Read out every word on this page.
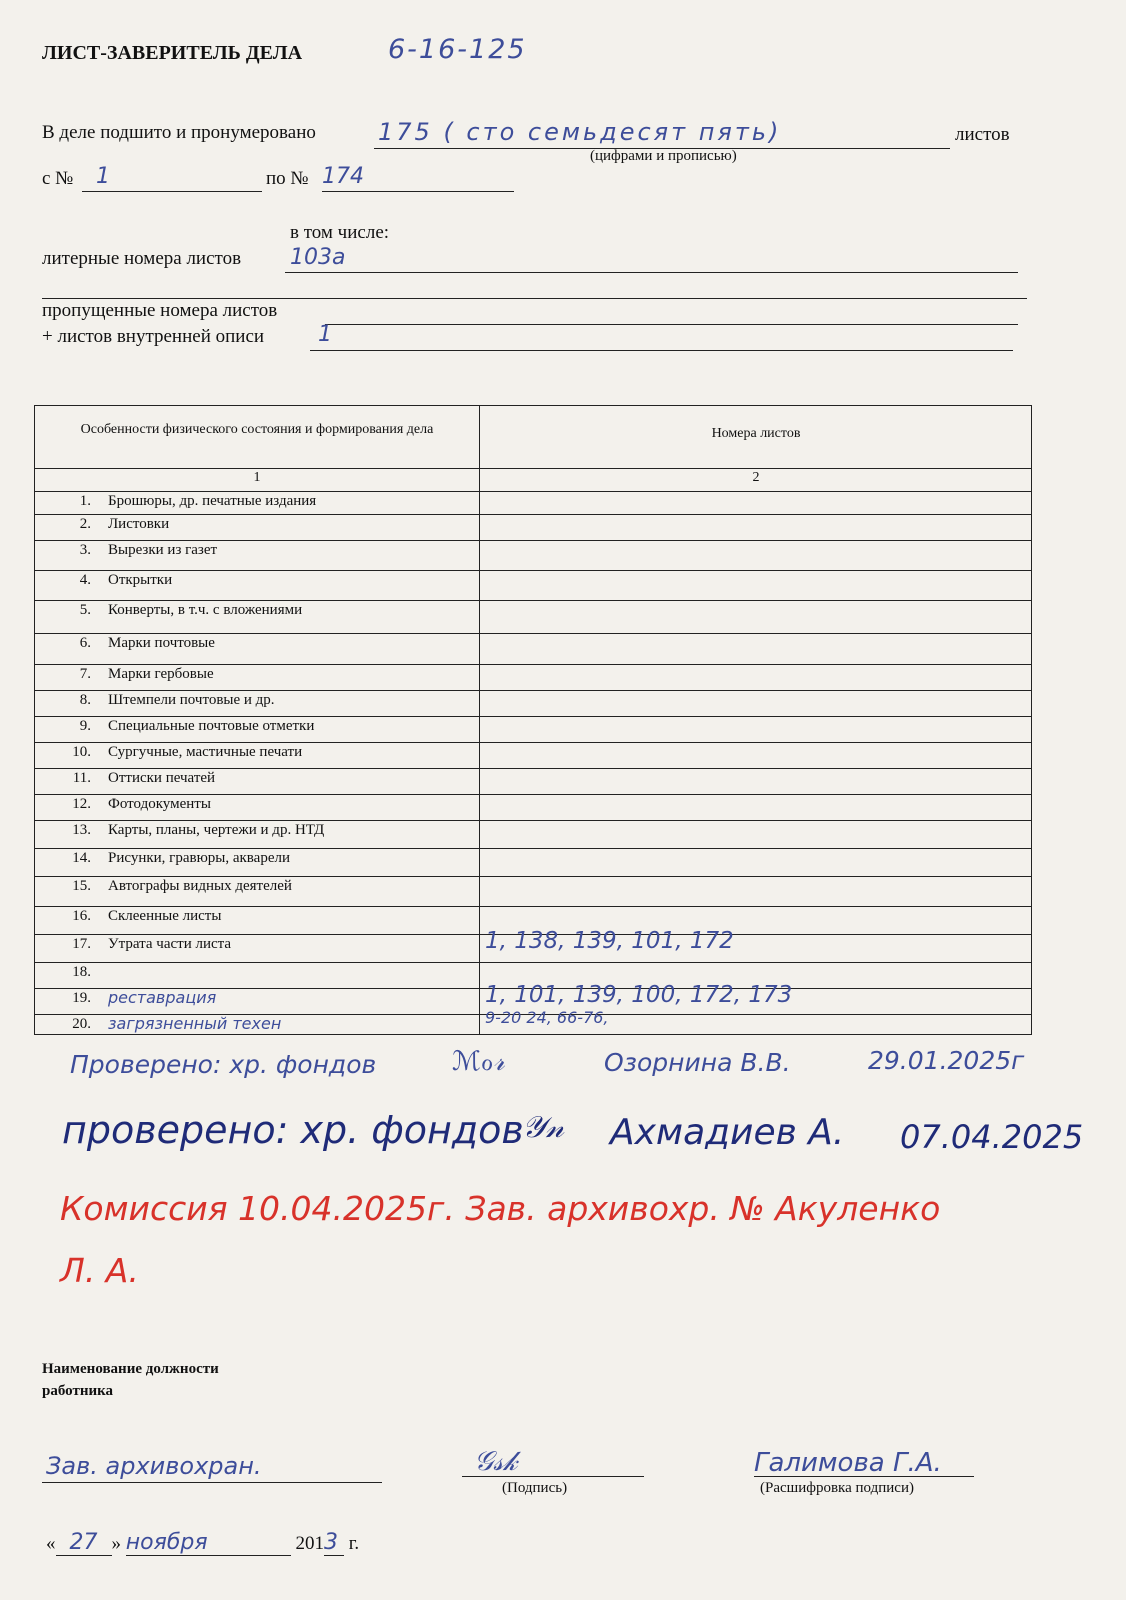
ЛИСТ-ЗАВЕРИТЕЛЬ ДЕЛА	6-16-125
В деле подшито и пронумеровано	175 ( сто семьдесят пять)	листов
(цифрами и прописью)
с № 1	по № 174
в том числе:
литерные номера листов 103а
пропущенные номера листов
+ листов внутренней описи 1
Особенности физического состояния и формирования дела	Номера листов
1	2
1. Брошюры, др. печатные издания
2. Листовки
3. Вырезки из газет
4. Открытки
5. Конверты, в т.ч. с вложениями
6. Марки почтовые
7. Марки гербовые
8. Штемпели почтовые и др.
9. Специальные почтовые отметки
10. Сургучные, мастичные печати
11. Оттиски печатей
12. Фотодокументы
13. Карты, планы, чертежи и др. НТД
14. Рисунки, гравюры, акварели
15. Автографы видных деятелей
16. Склеенные листы
17. Утрата части листа	1, 138, 139, 101, 172
18.
19. реставрация	1, 101, 139, 100, 172, 173
20. загрязненный техен	9-20 24, 66-76,
Проверено: хр. фондов	ℳℴ𝓇	Озорнина В.В.	29.01.2025г
проверено: хр. фондов
𝒴𝓃 Ахмадиев А. 07.04.2025
Комиссия 10.04.2025г. Зав. архивохр. № Акуленко Л. А.
Наименование должности работника
Зав. архивохран.	𝒢𝓈𝓀
(Подпись)
Галимова Г.А.
(Расшифровка подписи)
« 27 » ноября	2013 г.
